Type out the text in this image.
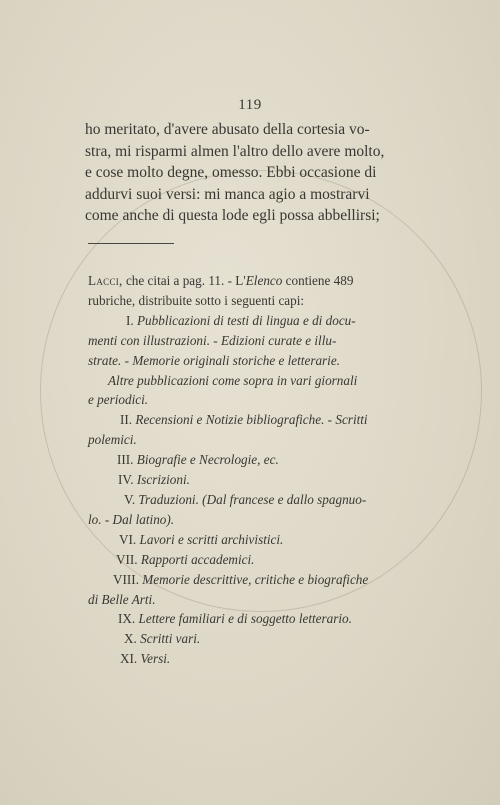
119
ho meritato, d'avere abusato della cortesia vo-
stra, mi risparmi almen l'altro dello avere molto,
e cose molto degne, omesso. Ebbi occasione di
addurvi suoi versi: mi manca agio a mostrarvi
come anche di questa lode egli possa abbellirsi;
Lacci, che citai a pag. 11. - L'Elenco contiene 489
rubriche, distribuite sotto i seguenti capi:
I. Pubblicazioni di testi di lingua e di docu-
menti con illustrazioni. - Edizioni curate e illu-
strate. - Memorie originali storiche e letterarie.
Altre pubblicazioni come sopra in vari giornali
e periodici.
II. Recensioni e Notizie bibliografiche. - Scritti
polemici.
III. Biografie e Necrologie, ec.
IV. Iscrizioni.
V. Traduzioni. (Dal francese e dallo spagnuo-
lo. - Dal latino).
VI. Lavori e scritti archivistici.
VII. Rapporti accademici.
VIII. Memorie descrittive, critiche e biografiche
di Belle Arti.
IX. Lettere familiari e di soggetto letterario.
X. Scritti vari.
XI. Versi.
